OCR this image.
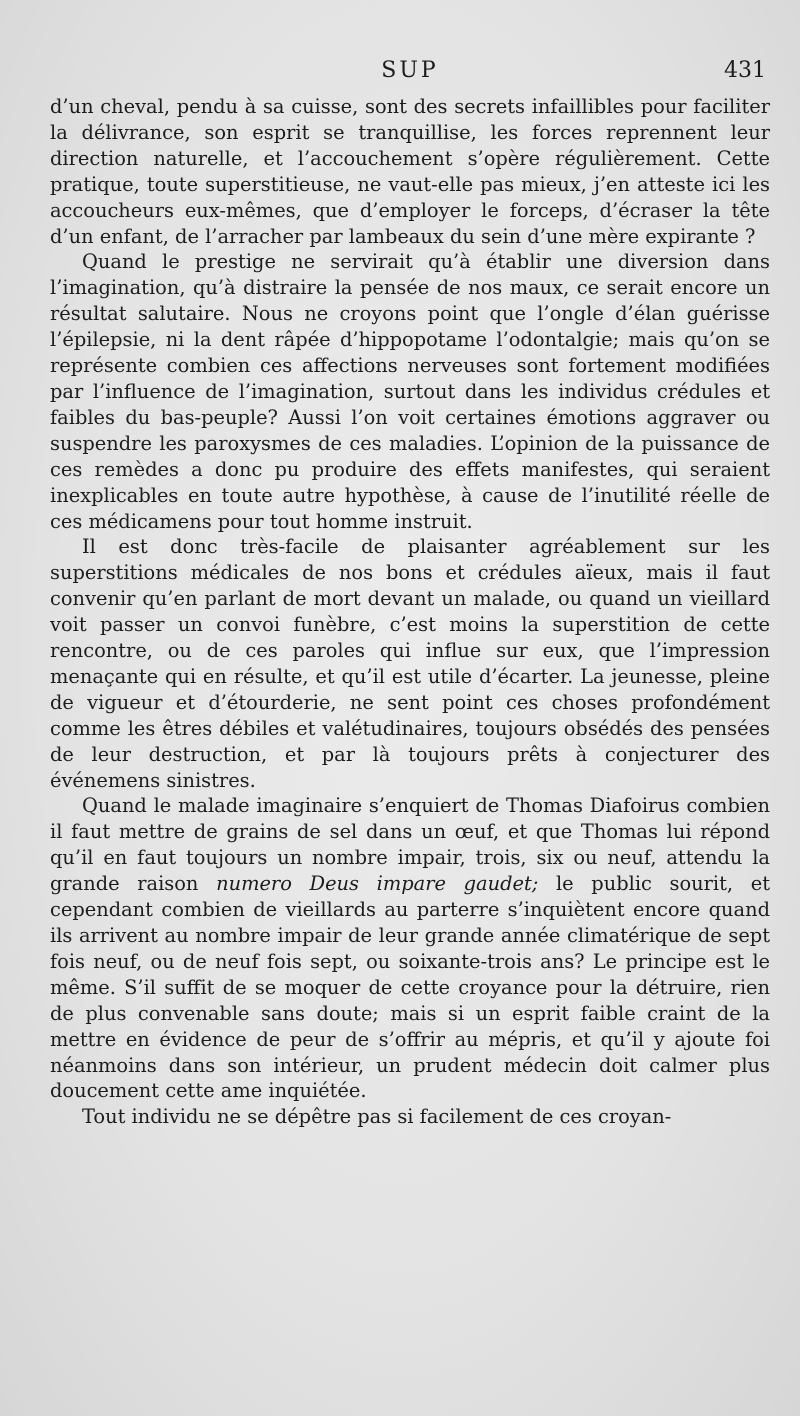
SUP	431

d’un cheval, pendu à sa cuisse, sont des secrets infaillibles pour faciliter la délivrance, son esprit se tranquillise, les forces reprennent leur direction naturelle, et l’accouchement s’opère régulièrement. Cette pratique, toute superstitieuse, ne vaut-elle pas mieux, j’en atteste ici les accoucheurs eux-mêmes, que d’employer le forceps, d’écraser la tête d’un enfant, de l’arracher par lambeaux du sein d’une mère expirante ?

Quand le prestige ne servirait qu’à établir une diversion dans l’imagination, qu’à distraire la pensée de nos maux, ce serait encore un résultat salutaire. Nous ne croyons point que l’ongle d’élan guérisse l’épilepsie, ni la dent râpée d’hippopotame l’odontalgie; mais qu’on se représente combien ces affections nerveuses sont fortement modifiées par l’influence de l’imagination, surtout dans les individus crédules et faibles du bas-peuple? Aussi l’on voit certaines émotions aggraver ou suspendre les paroxysmes de ces maladies. L’opinion de la puissance de ces remèdes a donc pu produire des effets manifestes, qui seraient inexplicables en toute autre hypothèse, à cause de l’inutilité réelle de ces médicamens pour tout homme instruit.

Il est donc très-facile de plaisanter agréablement sur les superstitions médicales de nos bons et crédules aïeux, mais il faut convenir qu’en parlant de mort devant un malade, ou quand un vieillard voit passer un convoi funèbre, c’est moins la superstition de cette rencontre, ou de ces paroles qui influe sur eux, que l’impression menaçante qui en résulte, et qu’il est utile d’écarter. La jeunesse, pleine de vigueur et d’étourderie, ne sent point ces choses profondément comme les êtres débiles et valétudinaires, toujours obsédés des pensées de leur destruction, et par là toujours prêts à conjecturer des événemens sinistres.

Quand le malade imaginaire s’enquiert de Thomas Diafoirus combien il faut mettre de grains de sel dans un œuf, et que Thomas lui répond qu’il en faut toujours un nombre impair, trois, six ou neuf, attendu la grande raison numero Deus impare gaudet; le public sourit, et cependant combien de vieillards au parterre s’inquiètent encore quand ils arrivent au nombre impair de leur grande année climatérique de sept fois neuf, ou de neuf fois sept, ou soixante-trois ans? Le principe est le même. S’il suffit de se moquer de cette croyance pour la détruire, rien de plus convenable sans doute; mais si un esprit faible craint de la mettre en évidence de peur de s’offrir au mépris, et qu’il y ajoute foi néanmoins dans son intérieur, un prudent médecin doit calmer plus doucement cette ame inquiétée.

Tout individu ne se dépêtre pas si facilement de ces croyan-
